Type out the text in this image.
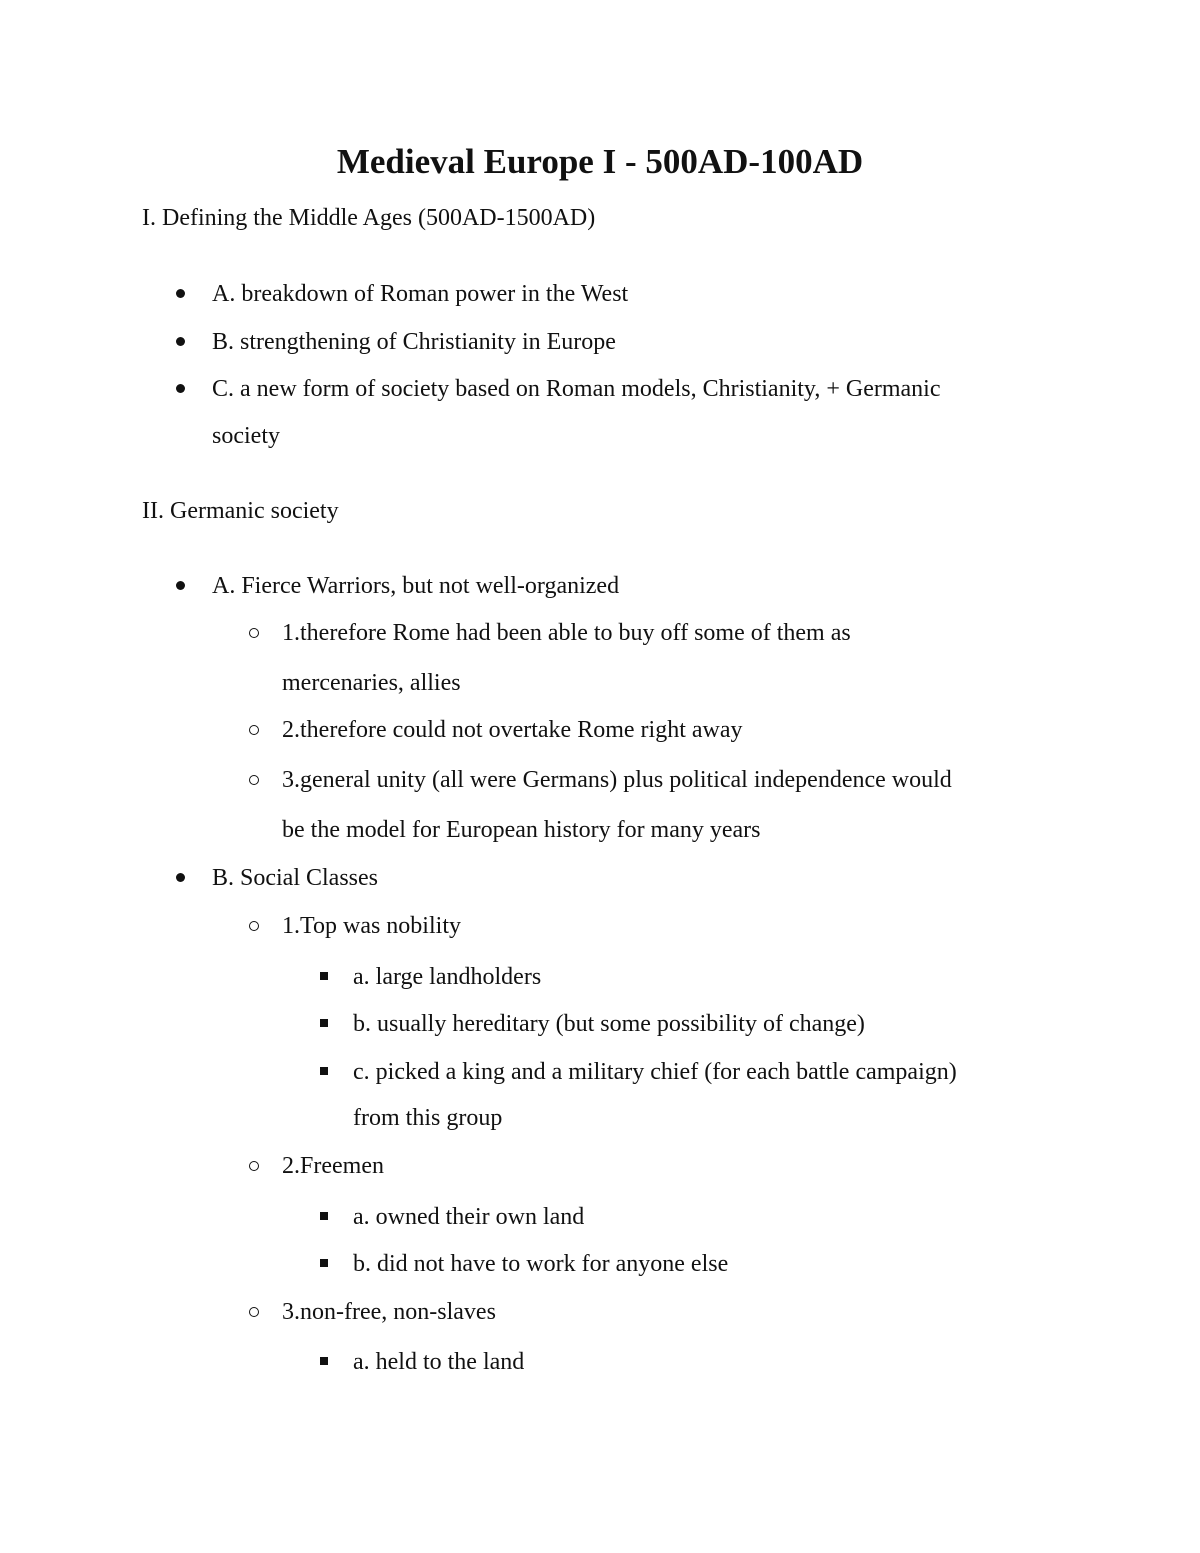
Medieval Europe I - 500AD-100AD

I. Defining the Middle Ages (500AD-1500AD)

A. breakdown of Roman power in the West

B. strengthening of Christianity in Europe

C. a new form of society based on Roman models, Christianity, + Germanic

society

II. Germanic society

A. Fierce Warriors, but not well-organized

1.therefore Rome had been able to buy off some of them as

mercenaries, allies

2.therefore could not overtake Rome right away

3.general unity (all were Germans) plus political independence would

be the model for European history for many years

B. Social Classes

1.Top was nobility

a. large landholders

b. usually hereditary (but some possibility of change)

c. picked a king and a military chief (for each battle campaign)

from this group

2.Freemen

a. owned their own land

b. did not have to work for anyone else

3.non-free, non-slaves

a. held to the land
